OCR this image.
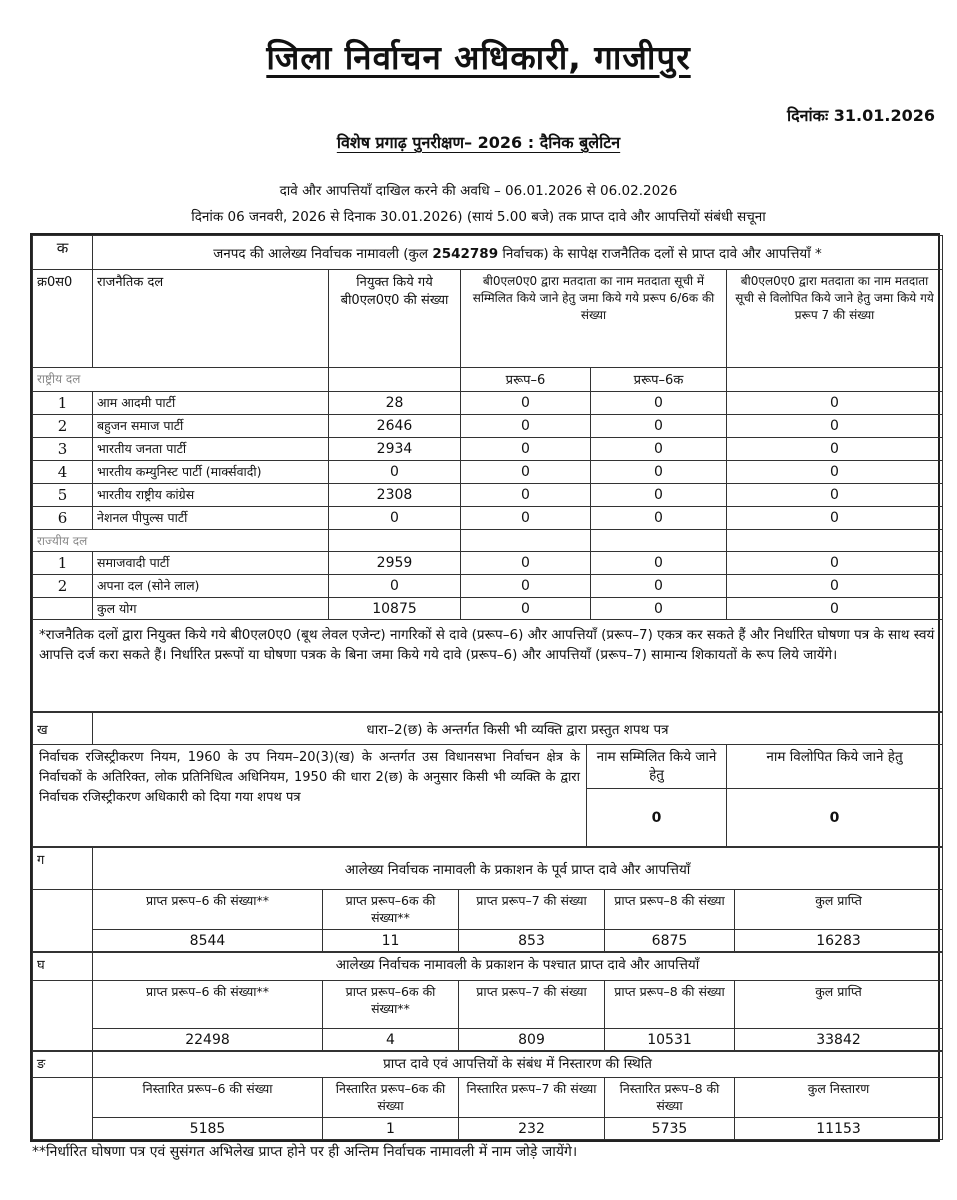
जिला निर्वाचन अधिकारी, गाजीपुर
दिनांकः 31.01.2026
विशेष प्रगाढ़ पुनरीक्षण– 2026 : दैनिक बुलेटिन
दावे और आपत्तियाँ दाखिल करने की अवधि – 06.01.2026 से 06.02.2026
दिनांक 06 जनवरी, 2026 से दिनाक 30.01.2026) (सायं 5.00 बजे) तक प्राप्त दावे और आपत्तियों संबंधी सचूना
क	जनपद की आलेख्य निर्वाचक नामावली (कुल 2542789 निर्वाचक) के सापेक्ष राजनैतिक दलों से प्राप्त दावे और आपत्तियाँ *				
क्र0स0	राजनैतिक दल	नियुक्त किये गये बी0एल0ए0 की संख्या	बी0एल0ए0 द्वारा मतदाता का नाम मतदाता सूची में सम्मिलित किये जाने हेतु जमा किये गये प्ररूप 6/6क की संख्या		बी0एल0ए0 द्वारा मतदाता का नाम मतदाता सूची से विलोपित किये जाने हेतु जमा किये गये प्ररूप 7 की संख्या
राष्ट्रीय दल			प्ररूप–6	प्ररूप–6क	
1	आम आदमी पार्टी	28	0	0	0
2	बहुजन समाज पार्टी	2646	0	0	0
3	भारतीय जनता पार्टी	2934	0	0	0
4	भारतीय कम्युनिस्ट पार्टी (मार्क्सवादी)	0	0	0	0
5	भारतीय राष्ट्रीय कांग्रेस	2308	0	0	0
6	नेशनल पीपुल्स पार्टी	0	0	0	0
राज्यीय दल					
1	समाजवादी पार्टी	2959	0	0	0
2	अपना दल (सोने लाल)	0	0	0	0
	कुल योग	10875	0	0	0
*राजनैतिक दलों द्वारा नियुक्त किये गये बी0एल0ए0 (बूथ लेवल एजेन्ट) नागरिकों से दावे (प्ररूप–6) और आपत्तियाँ (प्ररूप–7) एकत्र कर सकते हैं और निर्धारित घोषणा पत्र के साथ स्वयं आपत्ति दर्ज करा सकते हैं। निर्धारित प्ररूपों या घोषणा पत्रक के बिना जमा किये गये दावे (प्ररूप–6) और आपत्तियाँ (प्ररूप–7) सामान्य शिकायतों के रूप लिये जायेंगे।					
ख	धारा–2(छ) के अन्तर्गत किसी भी व्यक्ति द्वारा प्रस्तुत शपथ पत्र		
निर्वाचक रजिस्ट्रीकरण नियम, 1960 के उप नियम–20(3)(ख) के अन्तर्गत उस विधानसभा निर्वाचन क्षेत्र के निर्वाचकों के अतिरिक्त, लोक प्रतिनिधित्व अधिनियम, 1950 की धारा 2(छ) के अनुसार किसी भी व्यक्ति के द्वारा निर्वाचक रजिस्ट्रीकरण अधिकारी को दिया गया शपथ पत्र		नाम सम्मिलित किये जाने हेतु	नाम विलोपित किये जाने हेतु
		0	0
ग	आलेख्य निर्वाचक नामावली के प्रकाशन के पूर्व प्राप्त दावे और आपत्तियाँ				
	प्राप्त प्ररूप–6 की संख्या**	प्राप्त प्ररूप–6क की संख्या**	प्राप्त प्ररूप–7 की संख्या	प्राप्त प्ररूप–8 की संख्या	कुल प्राप्ति
	8544	11	853	6875	16283
घ	आलेख्य निर्वाचक नामावली के प्रकाशन के पश्चात प्राप्त दावे और आपत्तियाँ				
	प्राप्त प्ररूप–6 की संख्या**	प्राप्त प्ररूप–6क की संख्या**	प्राप्त प्ररूप–7 की संख्या	प्राप्त प्ररूप–8 की संख्या	कुल प्राप्ति
	22498	4	809	10531	33842
ङ	प्राप्त दावे एवं आपत्तियों के संबंध में निस्तारण की स्थिति				
	निस्तारित प्ररूप–6 की संख्या	निस्तारित प्ररूप–6क की संख्या	निस्तारित प्ररूप–7 की संख्या	निस्तारित प्ररूप–8 की संख्या	कुल निस्तारण
	5185	1	232	5735	11153
**निर्धारित घोषणा पत्र एवं सुसंगत अभिलेख प्राप्त होने पर ही अन्तिम निर्वाचक नामावली में नाम जोड़े जायेंगे।
